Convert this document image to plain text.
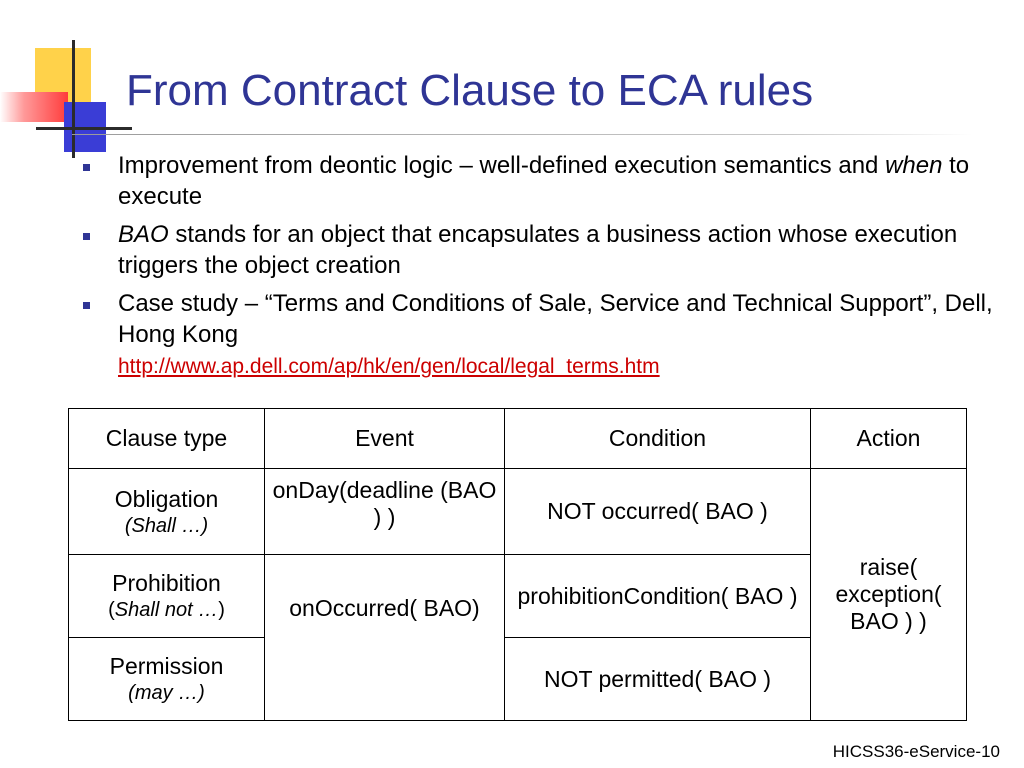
From Contract Clause to ECA rules
Improvement from deontic logic – well-defined execution semantics and when to execute
BAO stands for an object that encapsulates a business action whose execution triggers the object creation
Case study – “Terms and Conditions of Sale, Service and Technical Support”, Dell, Hong Kong
http://www.ap.dell.com/ap/hk/en/gen/local/legal_terms.htm
Clause type	Event	Condition	Action
Obligation
(Shall …)	onDay(deadline (BAO ) )	NOT occurred( BAO )	raise( exception( BAO ) )
Prohibition
(Shall not …)	onOccurred( BAO)	prohibitionCondition( BAO )	
Permission
(may …)		NOT permitted( BAO )	
HICSS36-eService-10
